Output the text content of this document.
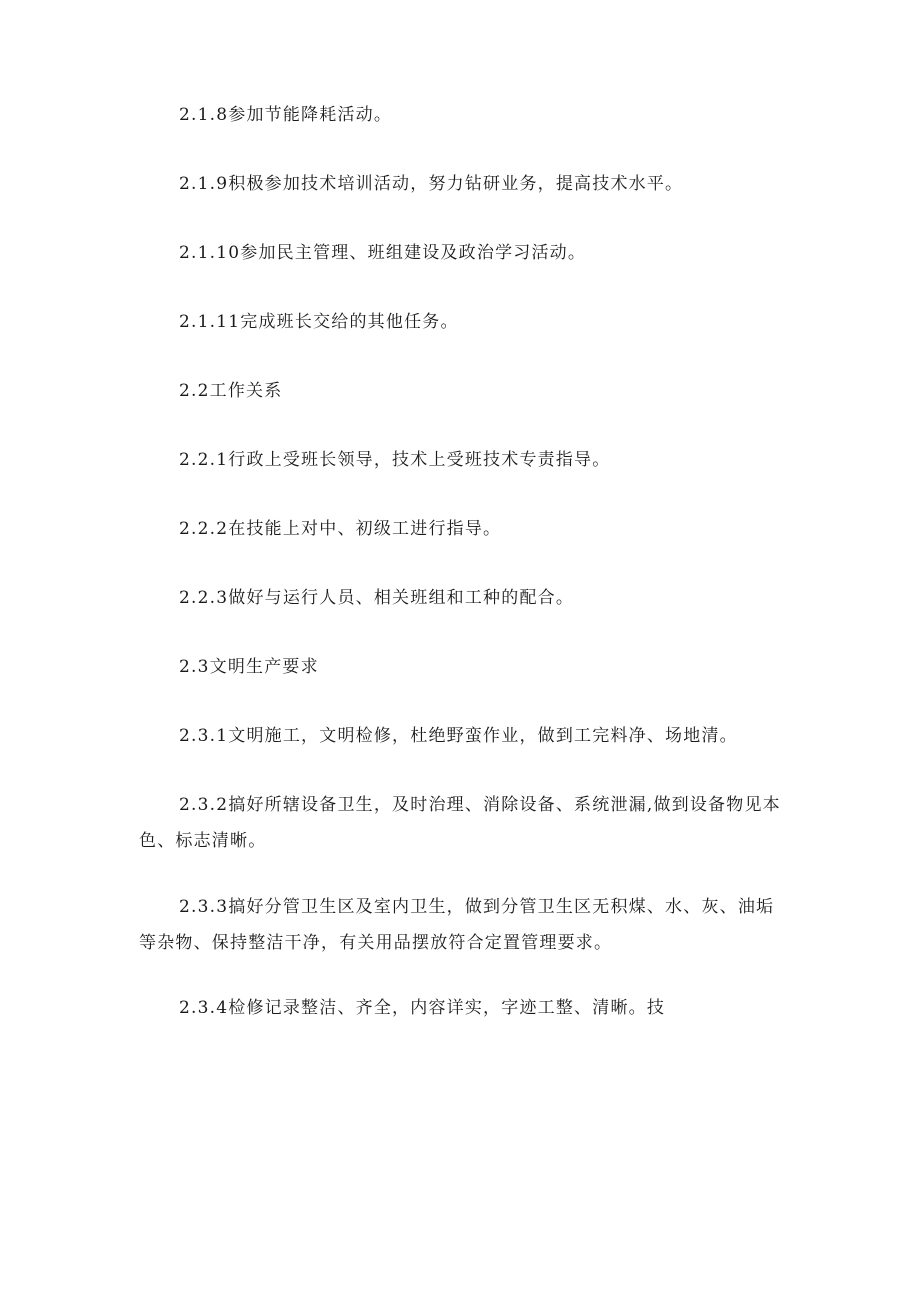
2.1.8参加节能降耗活动。

2.1.9积极参加技术培训活动，努力钻研业务，提高技术水平。

2.1.10参加民主管理、班组建设及政治学习活动。

2.1.11完成班长交给的其他任务。

2.2工作关系

2.2.1行政上受班长领导，技术上受班技术专责指导。

2.2.2在技能上对中、初级工进行指导。

2.2.3做好与运行人员、相关班组和工种的配合。

2.3文明生产要求

2.3.1文明施工，文明检修，杜绝野蛮作业，做到工完料净、场地清。

2.3.2搞好所辖设备卫生，及时治理、消除设备、系统泄漏,做到设备物见本色、标志清晰。

2.3.3搞好分管卫生区及室内卫生，做到分管卫生区无积煤、水、灰、油垢等杂物、保持整洁干净，有关用品摆放符合定置管理要求。

2.3.4检修记录整洁、齐全，内容详实，字迹工整、清晰。技
